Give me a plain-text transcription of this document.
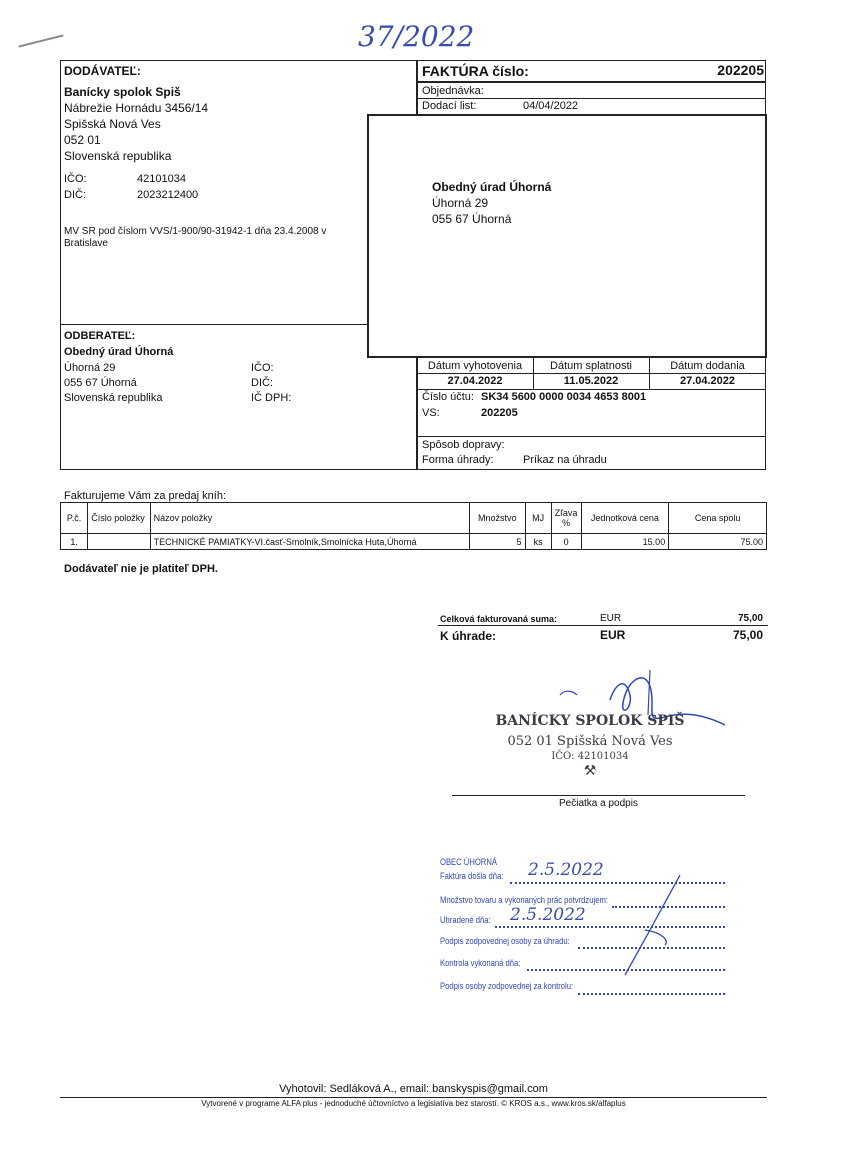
37/2022
DODÁVATEĽ:
Banícky spolok Spiš
Nábrežie Hornádu 3456/14
Spišská Nová Ves
052 01
Slovenská republika
IČO:	42101034
DIČ:	2023212400
MV SR pod číslom VVS/1-900/90-31942-1 dňa 23.4.2008 v
Bratislave
FAKTÚRA číslo:	202205
Objednávka:
Dodací list:	04/04/2022
Obedný úrad Úhorná
Úhorná 29
055 67 Úhorná
ODBERATEĽ:
Obedný úrad Úhorná
Úhorná 29
055 67 Úhorná
Slovenská republika
IČO:
DIČ:
IČ DPH:
Dátum vyhotovenia	Dátum splatnosti	Dátum dodania
27.04.2022	11.05.2022	27.04.2022
Číslo účtu: SK34 5600 0000 0034 4653 8001
VS:	202205
Spôsob dopravy:
Forma úhrady:	Príkaz na úhradu
Fakturujeme Vám za predaj kníh:
P.č.	Číslo položky	Názov položky	Množstvo	MJ	Zľava %	Jednotková cena	Cena spolu
1.		TECHNICKÉ PAMIATKY-VI.časť-Smolník,Smolnícka Huta,Úhorná	5	ks	0	15.00	75.00
Dodávateľ nie je platiteľ DPH.
Celková fakturovaná suma:	EUR	75,00
K úhrade:	EUR	75,00
BANÍCKY SPOLOK SPIŠ
052 01 Spišská Nová Ves
IČO: 42101034
⚒
Pečiatka a podpis
OBEC ÚHORNÁ
Faktúra došla dňa: 2.5.2022
Množstvo tovaru a vykonaných prác potvrdzujem:
Uhradené dňa: 2.5.2022
Podpis zodpovednej osoby za úhradu:
Kontrola vykonaná dňa:
Podpis osoby zodpovednej za kontrolu:
Vyhotovil: Sedláková A., email: banskyspis@gmail.com
Vytvorené v programe ALFA plus - jednoduché účtovníctvo a legislatíva bez starostí. © KROS a.s., www.kros.sk/alfaplus
